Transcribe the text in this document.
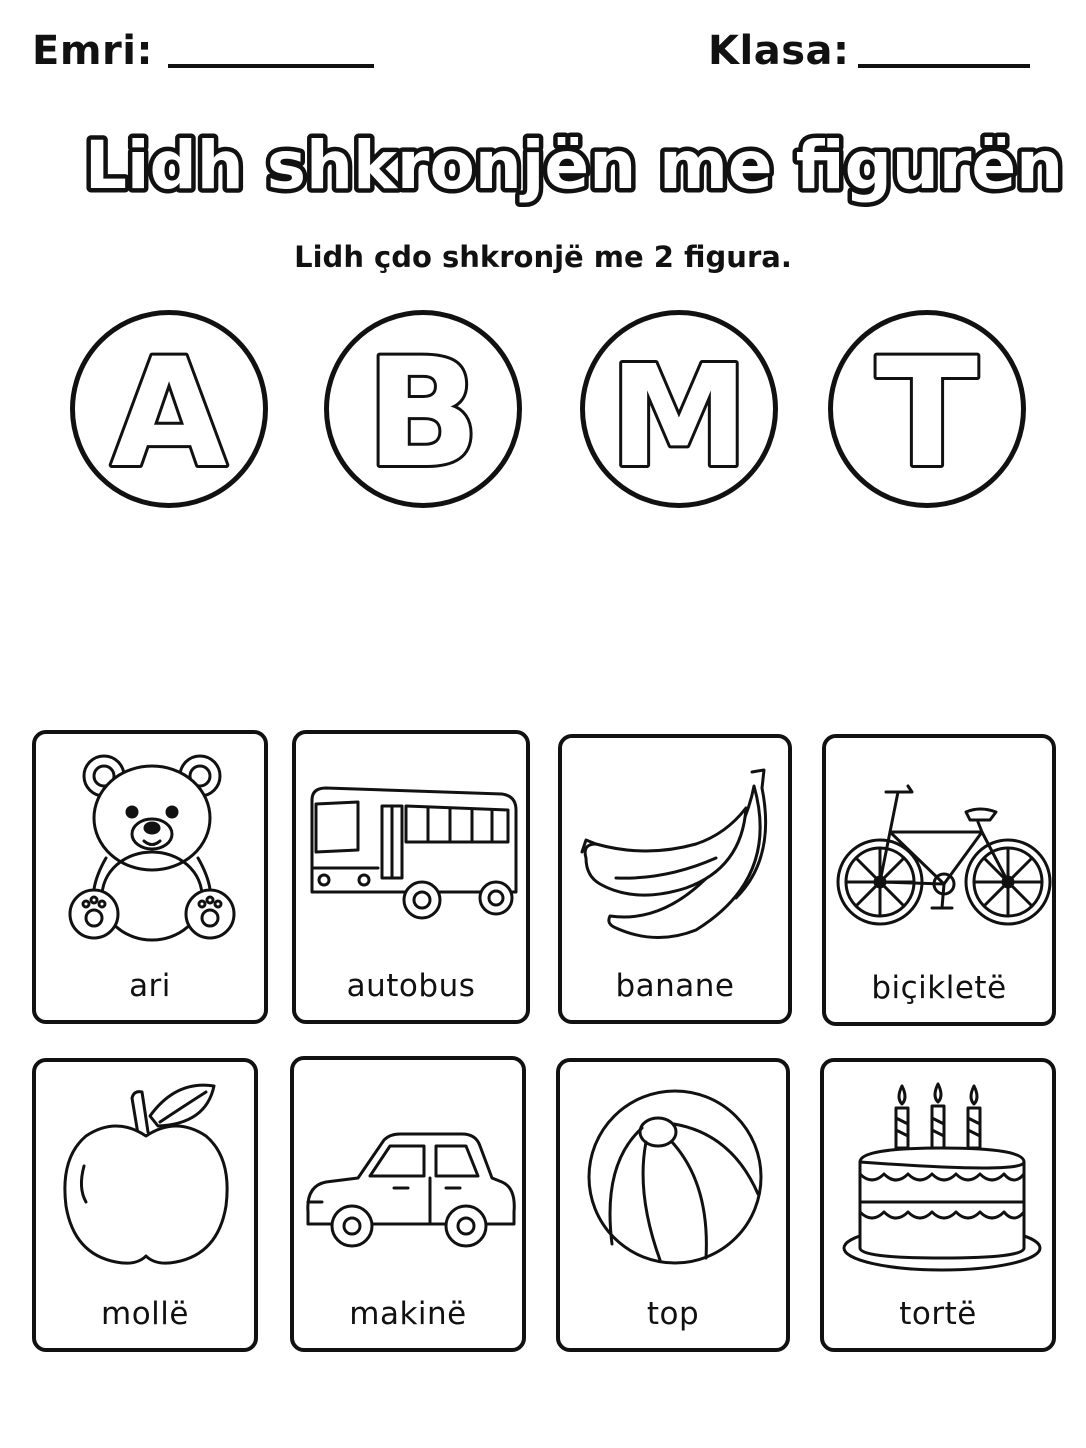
Emri:	Klasa:
Lidh shkronjën me figurën
Lidh çdo shkronjë me 2 figura.
A B M T
ari	autobus	banane	biçikletë
mollë	makinë	top	tortë
